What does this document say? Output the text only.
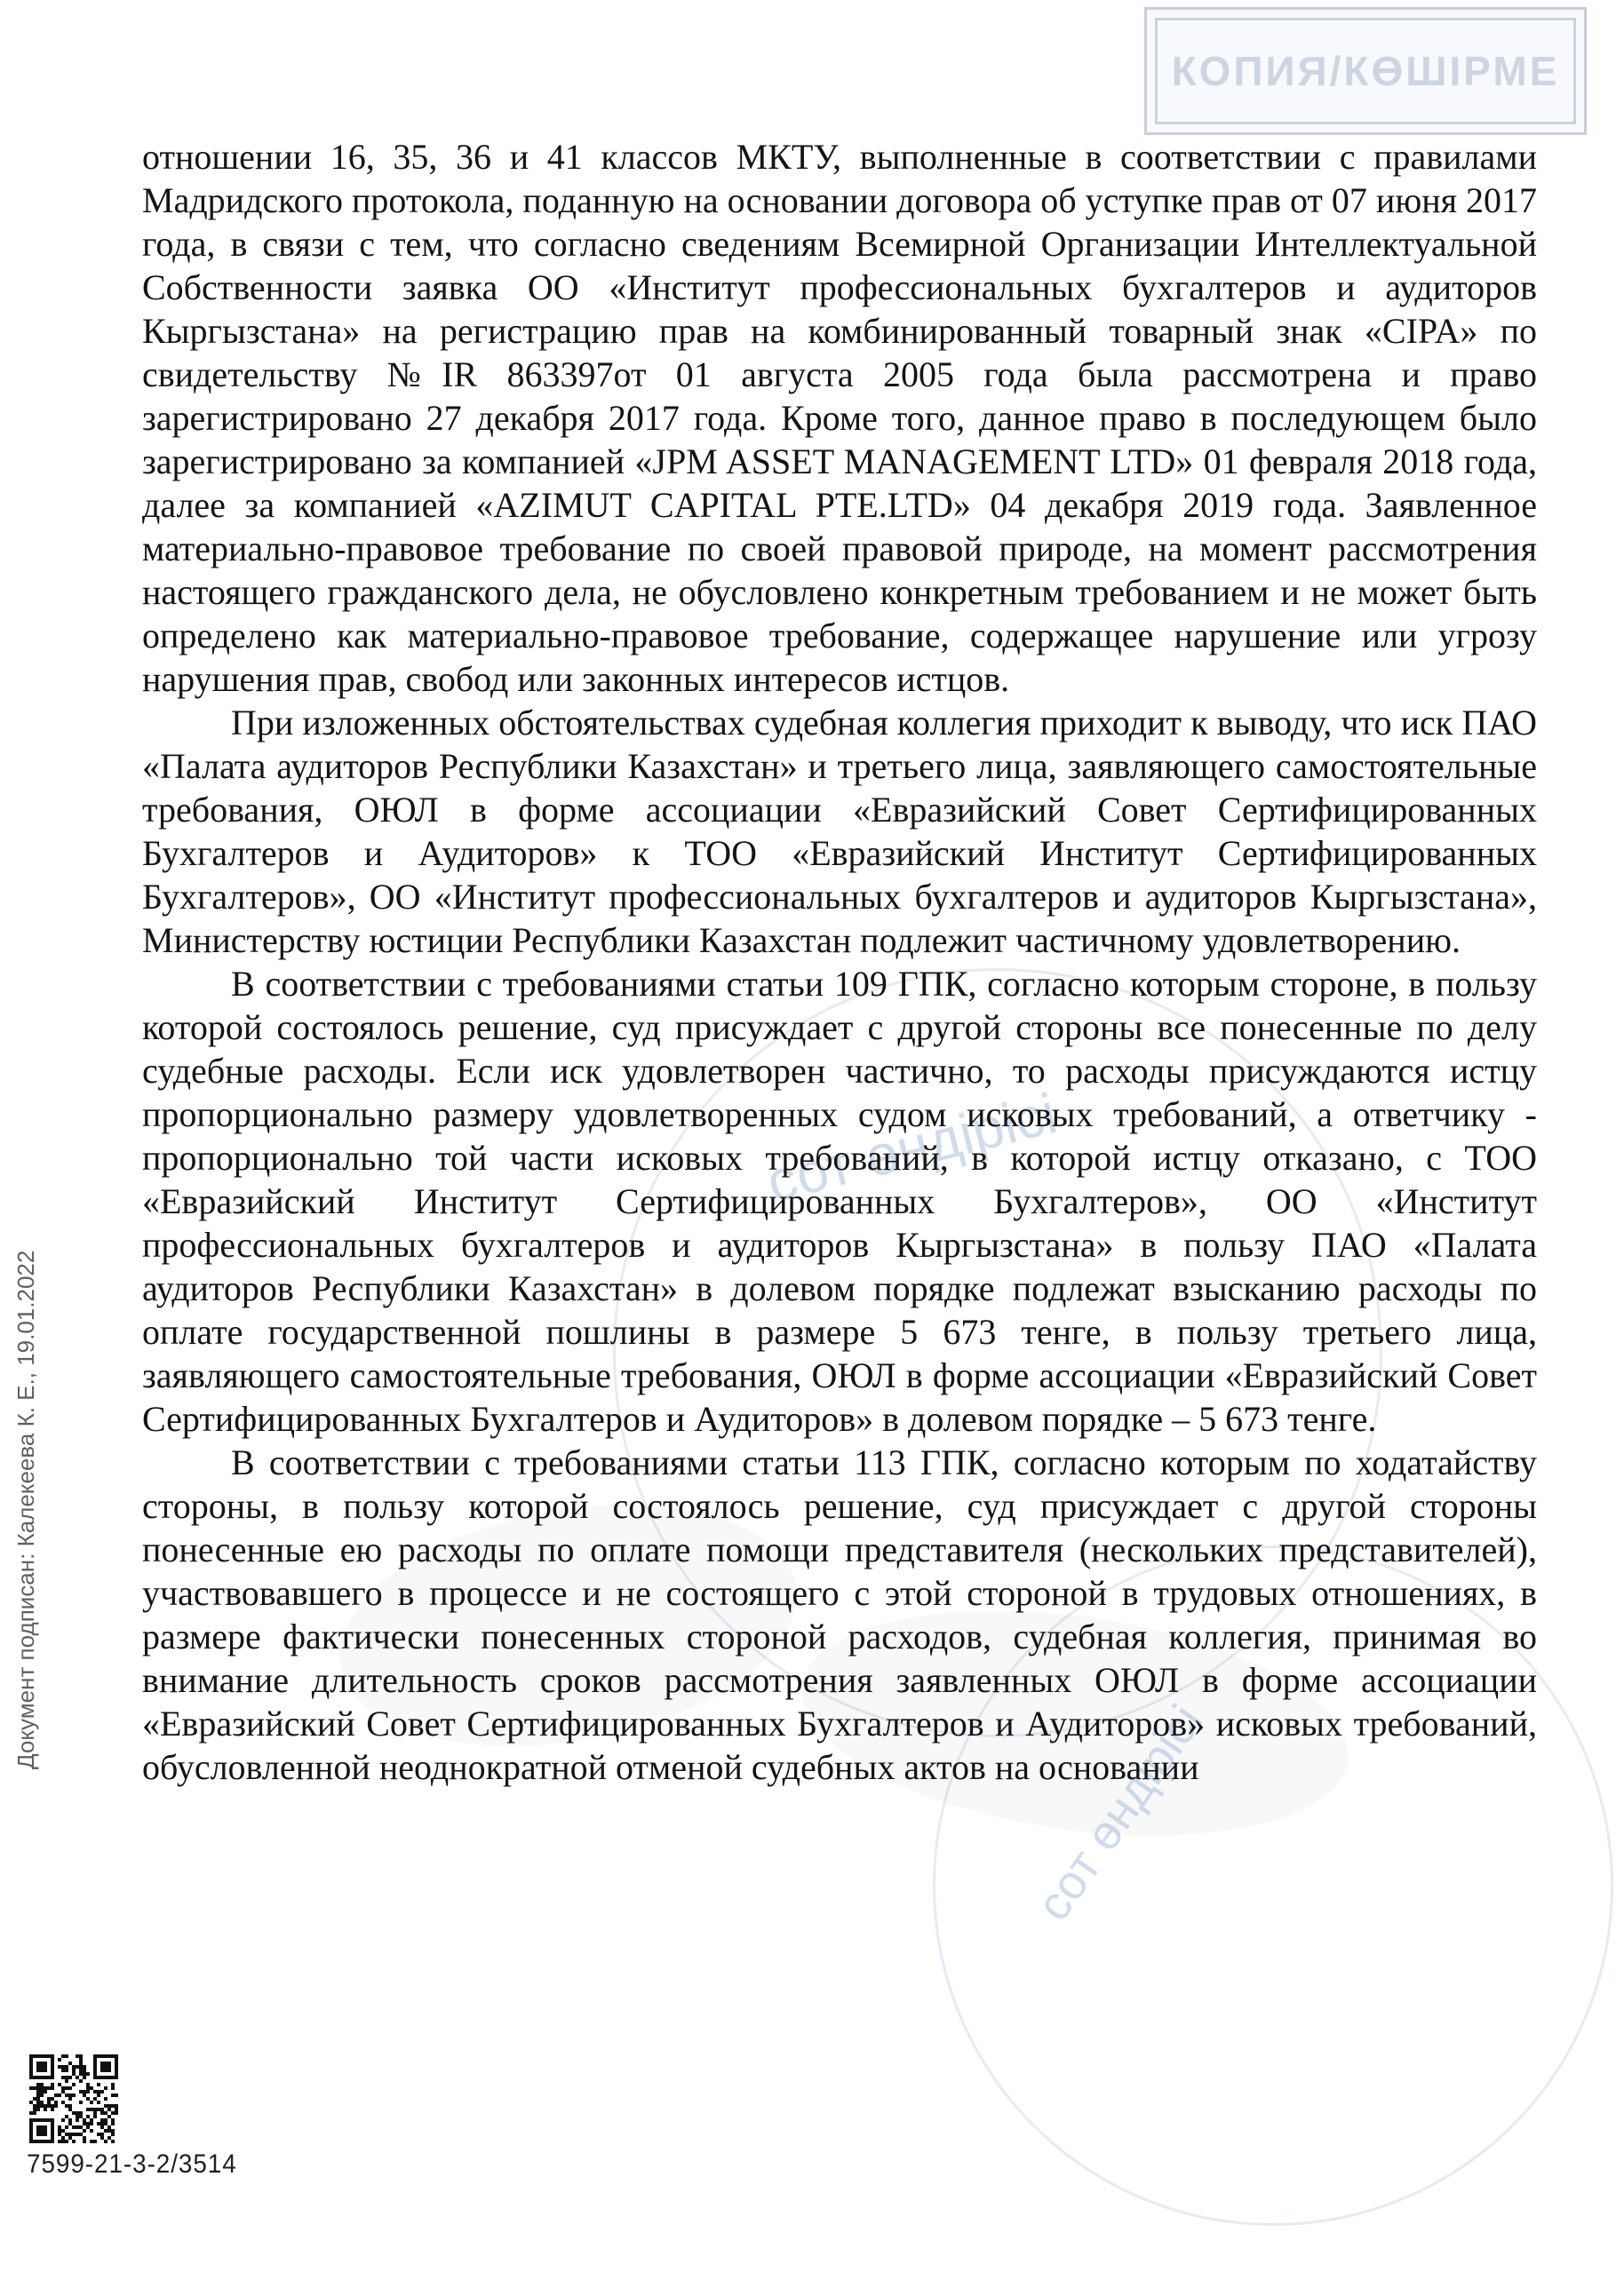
сот өндірісі
сот өндірісі
КОПИЯ/КӨШІРМЕ

отношении 16, 35, 36 и 41 классов МКТУ, выполненные в соответствии с правилами Мадридского протокола, поданную на основании договора об уступке прав от 07 июня 2017 года, в связи с тем, что согласно сведениям Всемирной Организации Интеллектуальной Собственности заявка ОО «Институт профессиональных бухгалтеров и аудиторов Кыргызстана» на регистрацию прав на комбинированный товарный знак «CIPA» по свидетельству №IR 863397от 01 августа 2005 года была рассмотрена и право зарегистрировано 27 декабря 2017 года. Кроме того, данное право в последующем было зарегистрировано за компанией «JPM ASSET MANAGEMENT LTD» 01 февраля 2018 года, далее за компанией «AZIMUT CAPITAL PTE.LTD» 04 декабря 2019 года. Заявленное материально-правовое требование по своей правовой природе, на момент рассмотрения настоящего гражданского дела, не обусловлено конкретным требованием и не может быть определено как материально-правовое требование, содержащее нарушение или угрозу нарушения прав, свобод или законных интересов истцов.

При изложенных обстоятельствах судебная коллегия приходит к выводу, что иск ПАО «Палата аудиторов Республики Казахстан» и третьего лица, заявляющего самостоятельные требования, ОЮЛ в форме ассоциации «Евразийский Совет Сертифицированных Бухгалтеров и Аудиторов» к ТОО «Евразийский Институт Сертифицированных Бухгалтеров», ОО «Институт профессиональных бухгалтеров и аудиторов Кыргызстана», Министерству юстиции Республики Казахстан подлежит частичному удовлетворению.

В соответствии с требованиями статьи 109 ГПК, согласно которым стороне, в пользу которой состоялось решение, суд присуждает с другой стороны все понесенные по делу судебные расходы. Если иск удовлетворен частично, то расходы присуждаются истцу пропорционально размеру удовлетворенных судом исковых требований, а ответчику - пропорционально той части исковых требований, в которой истцу отказано, с ТОО «Евразийский Институт Сертифицированных Бухгалтеров», ОО «Институт профессиональных бухгалтеров и аудиторов Кыргызстана» в пользу ПАО «Палата аудиторов Республики Казахстан» в долевом порядке подлежат взысканию расходы по оплате государственной пошлины в размере 5 673 тенге, в пользу третьего лица, заявляющего самостоятельные требования, ОЮЛ в форме ассоциации «Евразийский Совет Сертифицированных Бухгалтеров и Аудиторов» в долевом порядке – 5 673 тенге.

В соответствии с требованиями статьи 113 ГПК, согласно которым по ходатайству стороны, в пользу которой состоялось решение, суд присуждает с другой стороны понесенные ею расходы по оплате помощи представителя (нескольких представителей), участвовавшего в процессе и не состоящего с этой стороной в трудовых отношениях, в размере фактически понесенных стороной расходов, судебная коллегия, принимая во внимание длительность сроков рассмотрения заявленных ОЮЛ в форме ассоциации «Евразийский Совет Сертифицированных Бухгалтеров и Аудиторов» исковых требований, обусловленной неоднократной отменой судебных актов на основании

Документ подписан: Калекеева К. Е., 19.01.2022
7599-21-3-2/3514
